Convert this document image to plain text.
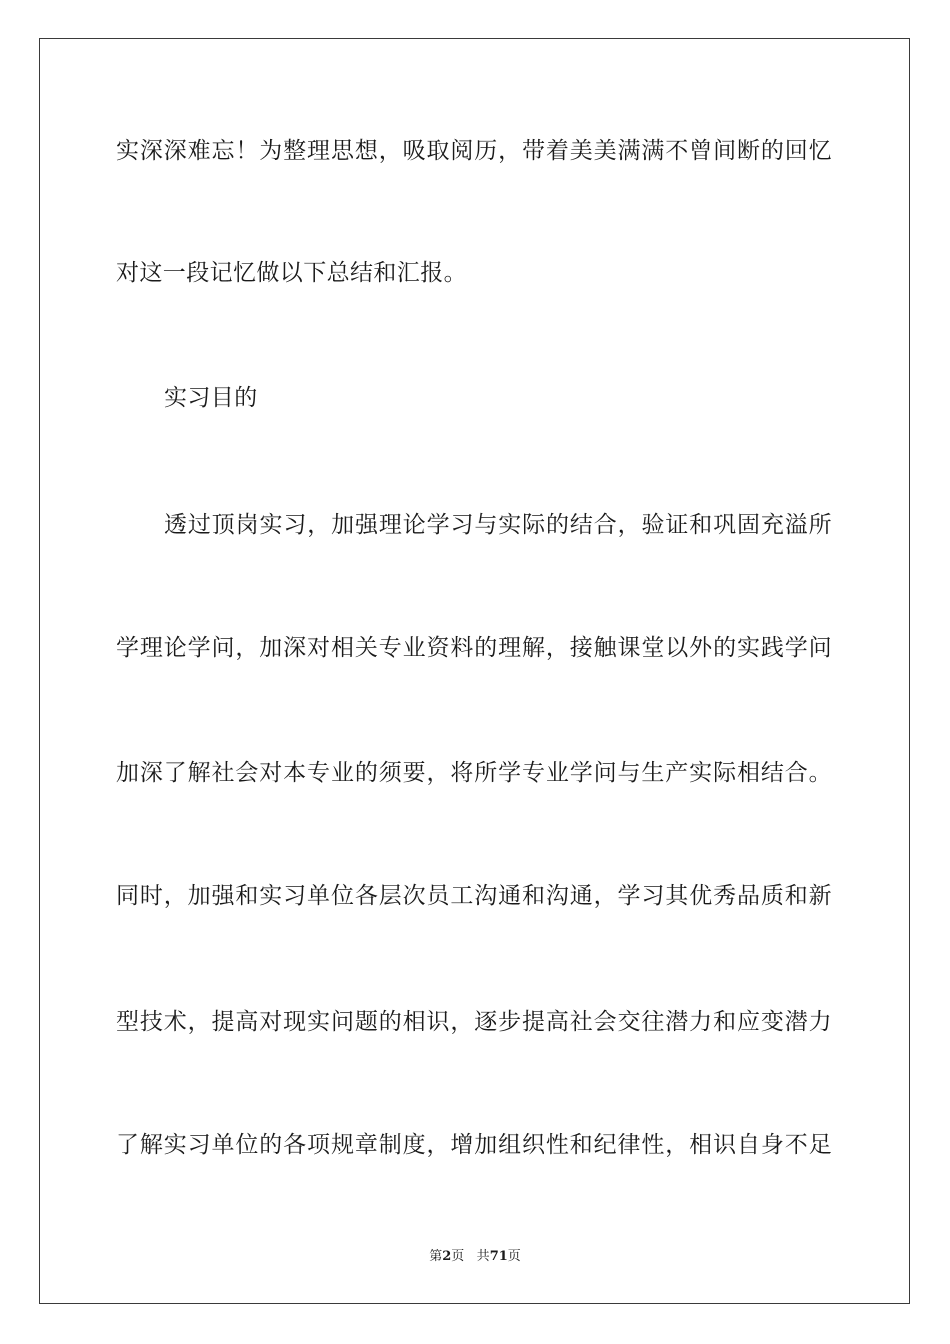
实深深难忘！为整理思想，吸取阅历，带着美美满满不曾间断的回忆
对这一段记忆做以下总结和汇报。
实习目的
透过顶岗实习，加强理论学习与实际的结合，验证和巩固充溢所
学理论学问，加深对相关专业资料的理解，接触课堂以外的实践学问
加深了解社会对本专业的须要，将所学专业学问与生产实际相结合。
同时，加强和实习单位各层次员工沟通和沟通，学习其优秀品质和新
型技术，提高对现实问题的相识，逐步提高社会交往潜力和应变潜力
了解实习单位的各项规章制度，增加组织性和纪律性，相识自身不足
第2页 共71页
